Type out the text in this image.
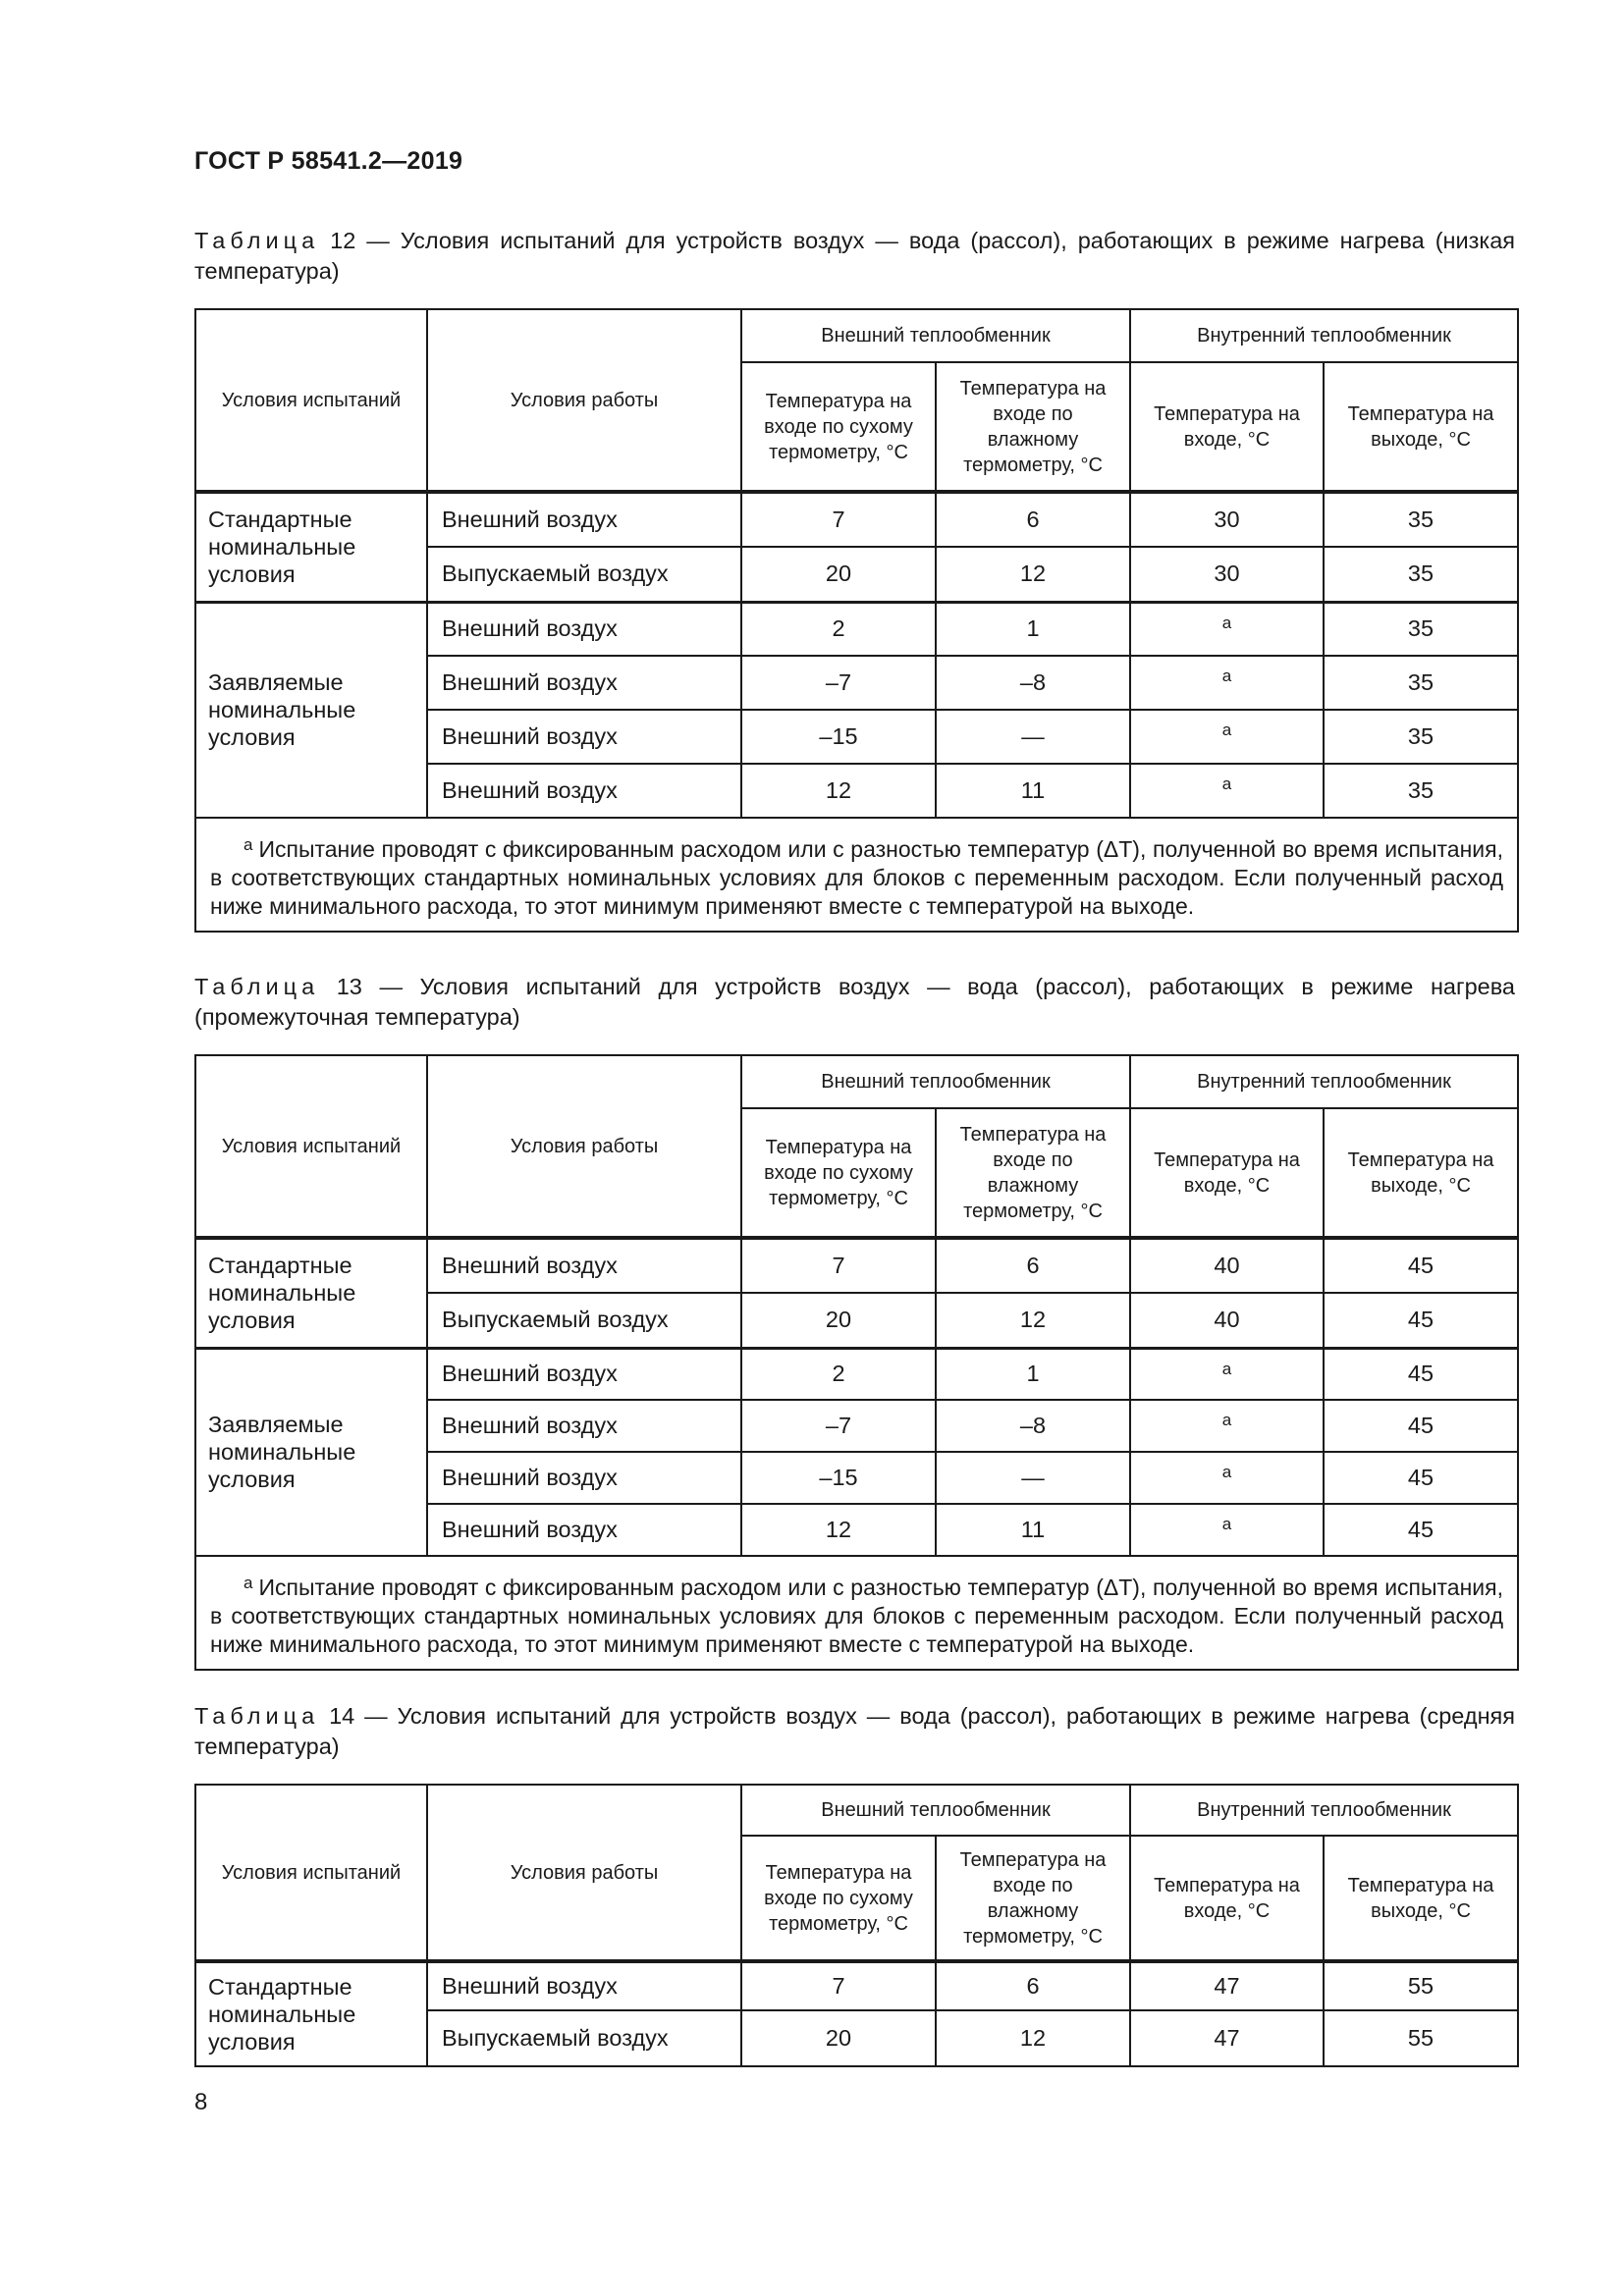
ГОСТ Р 58541.2—2019
Таблица 12 — Условия испытаний для устройств воздух — вода (рассол), работающих в режиме нагрева (низкая температура)
Условия испытаний	Условия работы	Внешний теплообменник		Внутренний теплообменник	
		Температура на входе по сухому термометру, °С	Температура на входе по влажному термометру, °С	Температура на входе, °С	Температура на выходе, °С
Стандартные номинальные условия	Внешний воздух	7	6	30	35
	Выпускаемый воздух	20	12	30	35
Заявляемые номинальные условия	Внешний воздух	2	1	a	35
	Внешний воздух	–7	–8	a	35
	Внешний воздух	–15	—	a	35
	Внешний воздух	12	11	a	35
$^a$ Испытание проводят с фиксированным расходом или с разностью температур (ΔT), полученной во время испытания, в соответствующих стандартных номинальных условиях для блоков с переменным расходом. Если полученный расход ниже минимального расхода, то этот минимум применяют вместе с температурой на выходе.					
Таблица 13 — Условия испытаний для устройств воздух — вода (рассол), работающих в режиме нагрева (промежуточная температура)
Условия испытаний	Условия работы	Внешний теплообменник		Внутренний теплообменник	
		Температура на входе по сухому термометру, °С	Температура на входе по влажному термометру, °С	Температура на входе, °С	Температура на выходе, °С
Стандартные номинальные условия	Внешний воздух	7	6	40	45
	Выпускаемый воздух	20	12	40	45
Заявляемые номинальные условия	Внешний воздух	2	1	a	45
	Внешний воздух	–7	–8	a	45
	Внешний воздух	–15	—	a	45
	Внешний воздух	12	11	a	45
$^a$ Испытание проводят с фиксированным расходом или с разностью температур (ΔT), полученной во время испытания, в соответствующих стандартных номинальных условиях для блоков с переменным расходом. Если полученный расход ниже минимального расхода, то этот минимум применяют вместе с температурой на выходе.					
Таблица 14 — Условия испытаний для устройств воздух — вода (рассол), работающих в режиме нагрева (средняя температура)
Условия испытаний	Условия работы	Внешний теплообменник		Внутренний теплообменник	
		Температура на входе по сухому термометру, °С	Температура на входе по влажному термометру, °С	Температура на входе, °С	Температура на выходе, °С
Стандартные номинальные условия	Внешний воздух	7	6	47	55
	Выпускаемый воздух	20	12	47	55
8
